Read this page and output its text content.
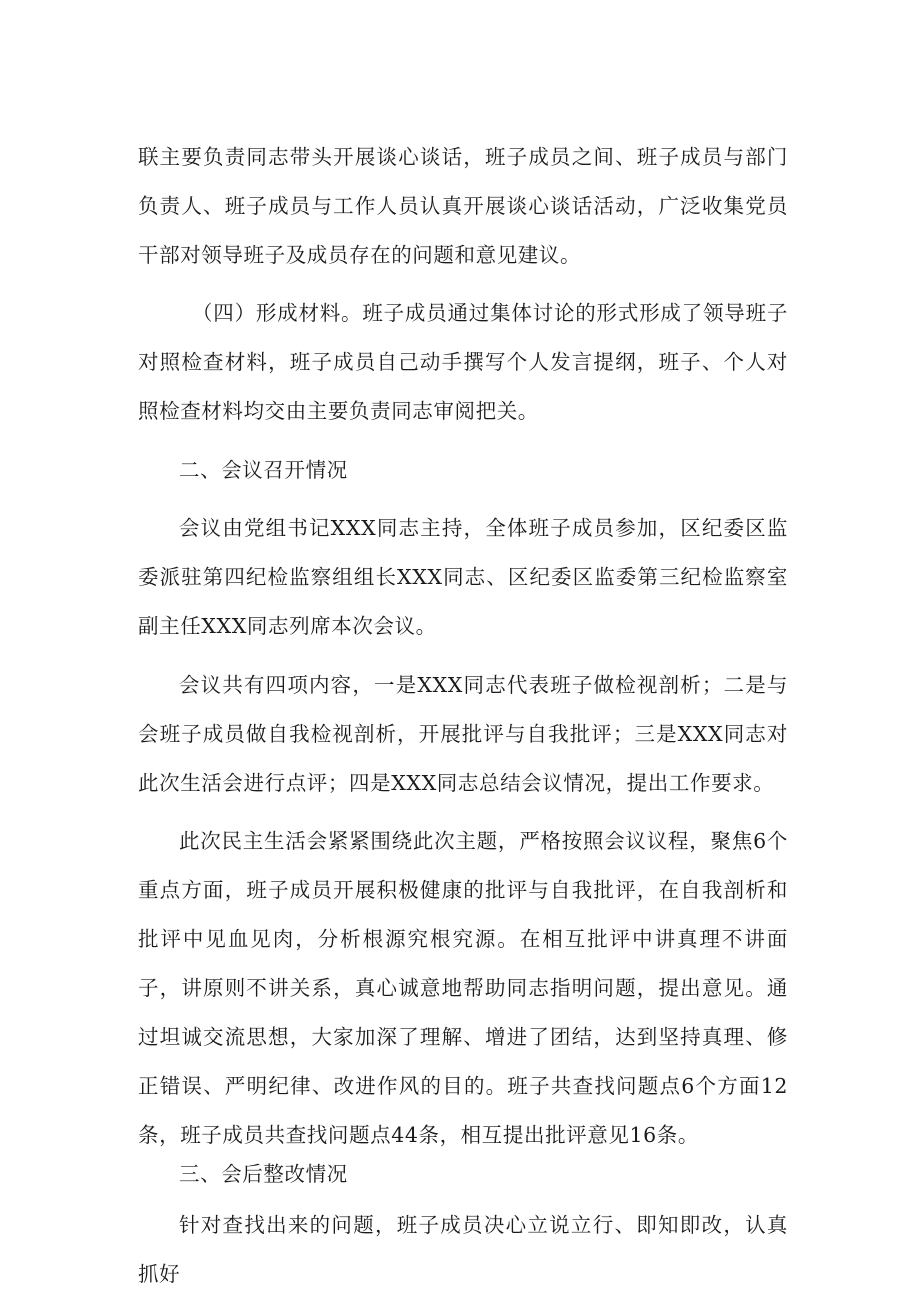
联主要负责同志带头开展谈心谈话，班子成员之间、班子成员与部门负责人、班子成员与工作人员认真开展谈心谈话活动，广泛收集党员干部对领导班子及成员存在的问题和意见建议。

（四）形成材料。班子成员通过集体讨论的形式形成了领导班子对照检查材料，班子成员自己动手撰写个人发言提纲，班子、个人对照检查材料均交由主要负责同志审阅把关。

二、会议召开情况

会议由党组书记XXX同志主持，全体班子成员参加，区纪委区监委派驻第四纪检监察组组长XXX同志、区纪委区监委第三纪检监察室副主任XXX同志列席本次会议。

会议共有四项内容，一是XXX同志代表班子做检视剖析；二是与会班子成员做自我检视剖析，开展批评与自我批评；三是XXX同志对此次生活会进行点评；四是XXX同志总结会议情况，提出工作要求。

此次民主生活会紧紧围绕此次主题，严格按照会议议程，聚焦6个重点方面，班子成员开展积极健康的批评与自我批评，在自我剖析和批评中见血见肉，分析根源究根究源。在相互批评中讲真理不讲面子，讲原则不讲关系，真心诚意地帮助同志指明问题，提出意见。通过坦诚交流思想，大家加深了理解、增进了团结，达到坚持真理、修正错误、严明纪律、改进作风的目的。班子共查找问题点6个方面12条，班子成员共查找问题点44条，相互提出批评意见16条。

三、会后整改情况

针对查找出来的问题，班子成员决心立说立行、即知即改，认真抓好
